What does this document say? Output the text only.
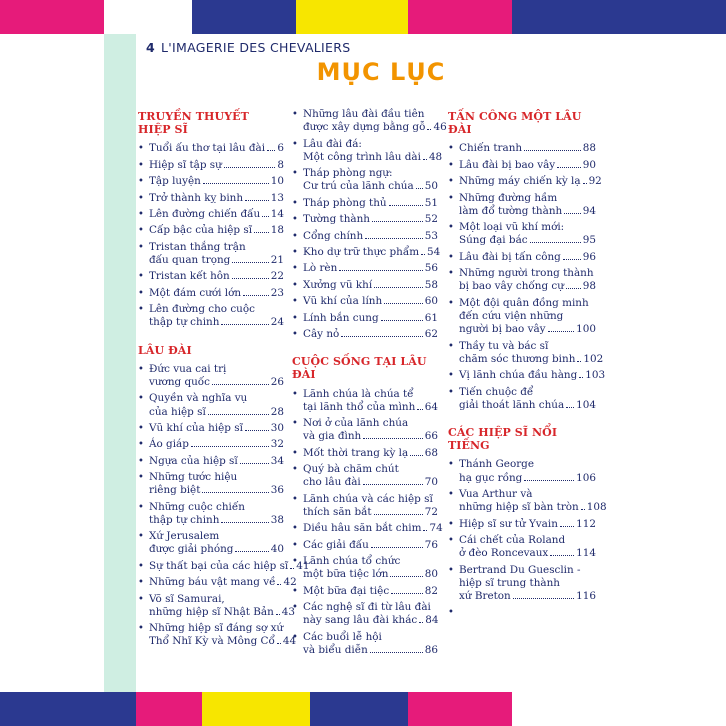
4 L'IMAGERIE DES CHEVALIERS
MỤC LỤC
TRUYỀN THUYẾT HIỆP SĨ
• Tuổi ấu thơ tại lâu đài 6
• Hiệp sĩ tập sự	8
• Tập luyện	10
• Trở thành kỵ binh	13
• Lên đường chiến đấu 14
• Cấp bậc của hiệp sĩ 18
• Tristan thắng trận
đấu quan trọng	21
• Tristan kết hôn	22
• Một đám cưới lớn	23
• Lên đường cho cuộc
thập tự chinh	24
LÂU ĐÀI
• Đức vua cai trị
vương quốc	26
• Quyền và nghĩa vụ
của hiệp sĩ	28
• Vũ khí của hiệp sĩ	30
• Áo giáp	32
• Ngựa của hiệp sĩ	34
• Những tước hiệu
riêng biệt	36
• Những cuộc chiến
thập tự chinh	38
• Xứ Jerusalem
được giải phóng	40
• Sự thất bại của các hiệp sĩ 41
• Những báu vật mang về 42
• Võ sĩ Samurai,
những hiệp sĩ Nhật Bản 43
• Những hiệp sĩ đáng sợ xứ
Thổ Nhĩ Kỳ và Mông Cổ 44
• Những lâu đài đầu tiên
được xây dựng bằng gỗ 46
• Lâu đài đá:
Một công trình lâu dài 48
• Tháp phòng ngự:
Cư trú của lãnh chúa 50
• Tháp phòng thủ	51
• Tường thành	52
• Cổng chính	53
• Kho dự trữ thực phẩm 54
• Lò rèn	56
• Xưởng vũ khí	58
• Vũ khí của lính	60
• Lính bắn cung	61
• Cây nỏ	62
CUỘC SỐNG TẠI LÂU ĐÀI
• Lãnh chúa là chúa tể
tại lãnh thổ của mình 64
• Nơi ở của lãnh chúa
và gia đình	66
• Mốt thời trang kỳ lạ 68
• Quý bà chăm chút
cho lâu đài	70
• Lãnh chúa và các hiệp sĩ
thích săn bắt	72
• Diều hâu săn bắt chim 74
• Các giải đấu	76
• Lãnh chúa tổ chức
một bữa tiệc lớn	80
• Một bữa đại tiệc	82
• Các nghệ sĩ đi từ lâu đài
này sang lâu đài khác 84
• Các buổi lễ hội
và biểu diễn	86
TẤN CÔNG MỘT LÂU ĐÀI
• Chiến tranh	88
• Lâu đài bị bao vây	90
• Những máy chiến kỳ lạ 92
• Những đường hầm
làm đổ tường thành 94
• Một loại vũ khí mới:
Súng đại bác	95
• Lâu đài bị tấn công 96
• Những người trong thành
bị bao vây chống cự 98
• Một đội quân đồng minh
đến cứu viện những
người bị bao vây	100
• Thầy tu và bác sĩ
chăm sóc thương binh 102
• Vị lãnh chúa đầu hàng 103
• Tiến chuộc để
giải thoát lãnh chúa 104
CÁC HIỆP SĨ NỔI TIẾNG
• Thánh George
hạ gục rồng	106
• Vua Arthur và
những hiệp sĩ bàn tròn 108
• Hiệp sĩ sư tử Yvain 112
• Cái chết của Roland
ở đèo Roncevaux	114
• Bertrand Du Guesclin -
hiệp sĩ trung thành
xứ Breton	116
•
